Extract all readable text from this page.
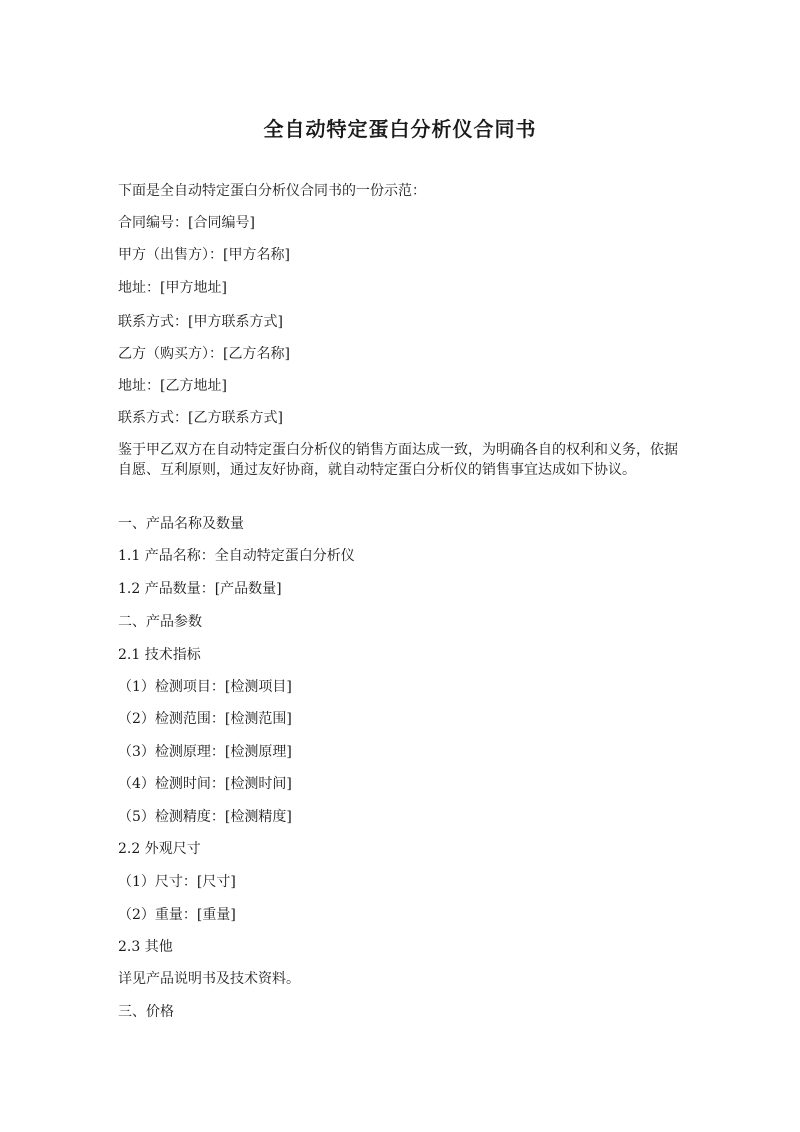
全自动特定蛋白分析仪合同书
下面是全自动特定蛋白分析仪合同书的一份示范：
合同编号：[合同编号]
甲方（出售方）：[甲方名称]
地址：[甲方地址]
联系方式：[甲方联系方式]
乙方（购买方）：[乙方名称]
地址：[乙方地址]
联系方式：[乙方联系方式]
鉴于甲乙双方在自动特定蛋白分析仪的销售方面达成一致，为明确各自的权利和义务，依据自愿、互利原则，通过友好协商，就自动特定蛋白分析仪的销售事宜达成如下协议。
一、产品名称及数量
1.1 产品名称：全自动特定蛋白分析仪
1.2 产品数量：[产品数量]
二、产品参数
2.1 技术指标
（1）检测项目：[检测项目]
（2）检测范围：[检测范围]
（3）检测原理：[检测原理]
（4）检测时间：[检测时间]
（5）检测精度：[检测精度]
2.2 外观尺寸
（1）尺寸：[尺寸]
（2）重量：[重量]
2.3 其他
详见产品说明书及技术资料。
三、价格
